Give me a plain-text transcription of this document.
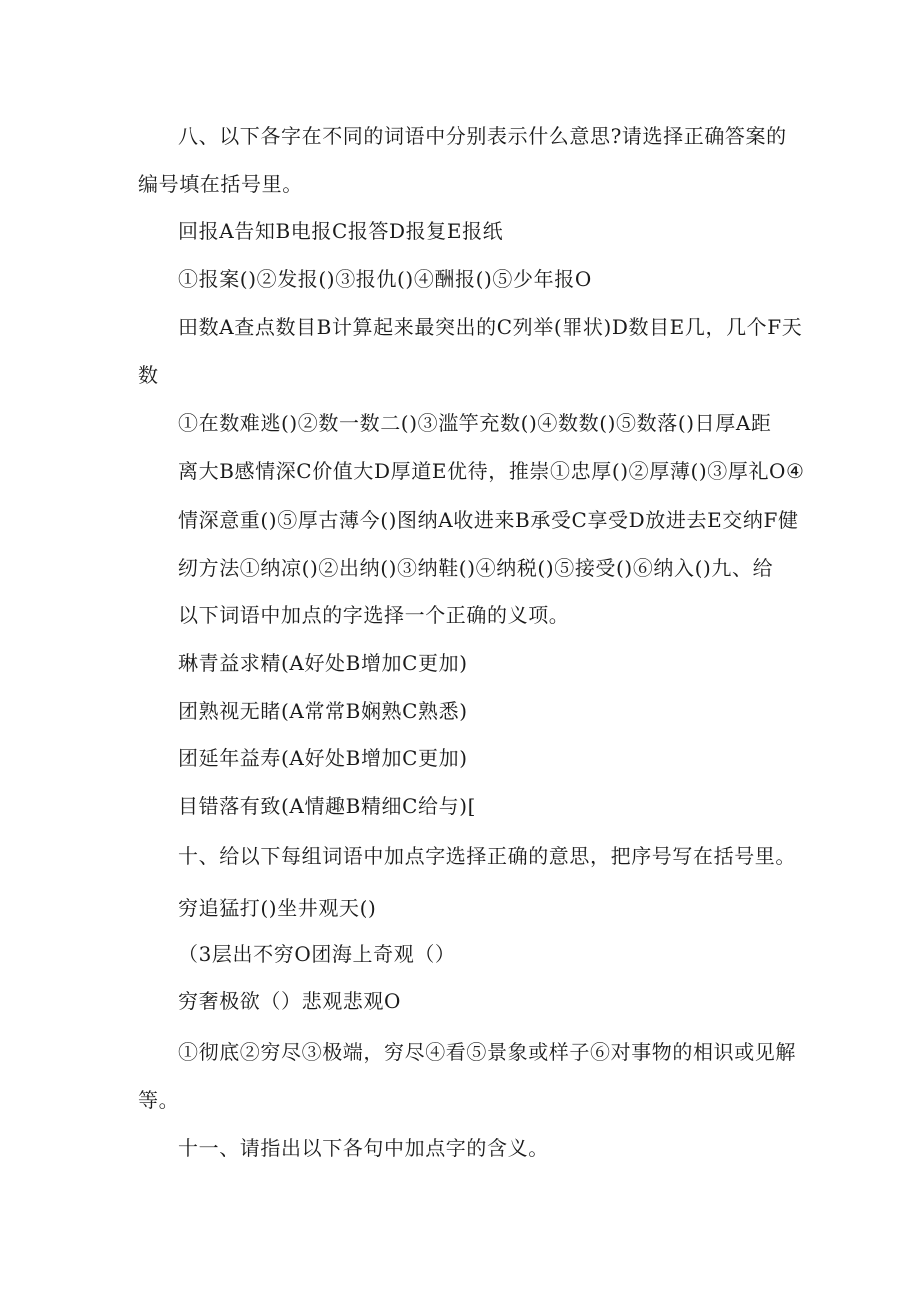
八、以下各字在不同的词语中分别表示什么意思?请选择正确答案的
编号填在括号里。
回报A告知B电报C报答D报复E报纸
①报案()②发报()③报仇()④酬报()⑤少年报O
田数A查点数目B计算起来最突出的C列举(罪状)D数目E几，几个F天
数
①在数难逃()②数一数二()③滥竽充数()④数数()⑤数落()日厚A距
离大B感情深C价值大D厚道E优待，推崇①忠厚()②厚薄()③厚礼O④
情深意重()⑤厚古薄今()图纳A收进来B承受C享受D放进去E交纳F健
纫方法①纳凉()②出纳()③纳鞋()④纳税()⑤接受()⑥纳入()九、给
以下词语中加点的字选择一个正确的义项。
琳青益求精(A好处B增加C更加)
团熟视无睹(A常常B娴熟C熟悉)
团延年益寿(A好处B增加C更加)
目错落有致(A情趣B精细C给与)[
十、给以下每组词语中加点字选择正确的意思，把序号写在括号里。
穷追猛打()坐井观天()
（3层出不穷O团海上奇观（）
穷奢极欲（）悲观悲观O
①彻底②穷尽③极端，穷尽④看⑤景象或样子⑥对事物的相识或见解
等。
十一、请指出以下各句中加点字的含义。
